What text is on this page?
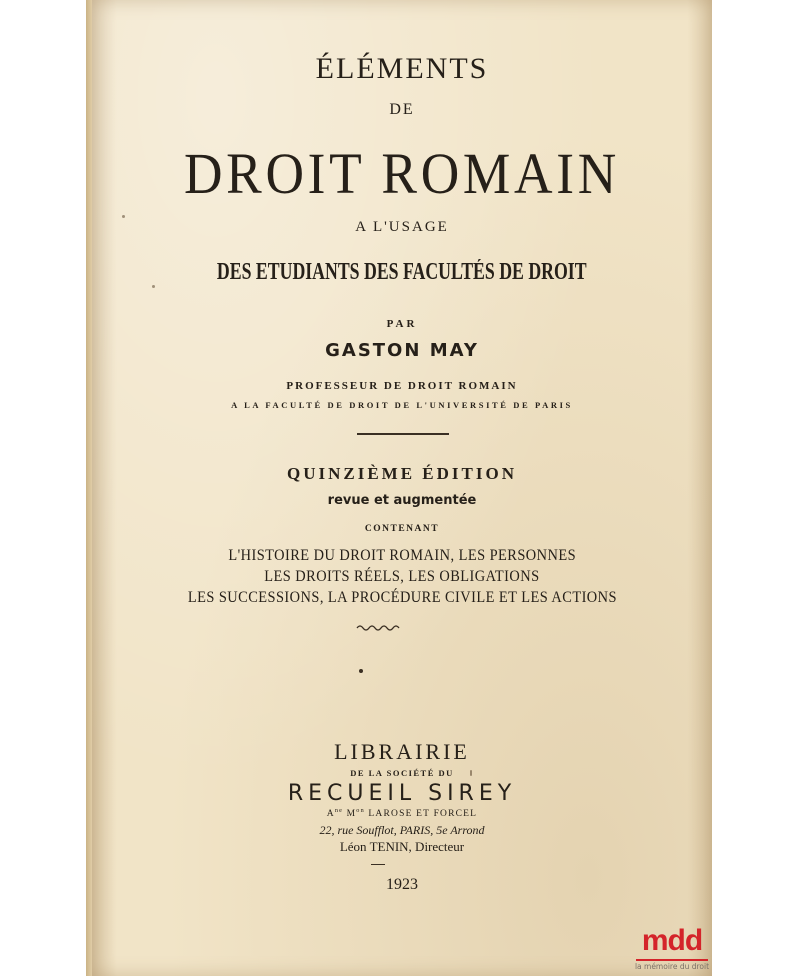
ÉLÉMENTS
DE
DROIT ROMAIN
A L'USAGE
DES ETUDIANTS DES FACULTÉS DE DROIT
PAR
GASTON MAY
PROFESSEUR DE DROIT ROMAIN
A LA FACULTÉ DE DROIT DE L'UNIVERSITÉ DE PARIS
QUINZIÈME ÉDITION
revue et augmentée
CONTENANT
L'HISTOIRE DU DROIT ROMAIN, LES PERSONNES
LES DROITS RÉELS, LES OBLIGATIONS
LES SUCCESSIONS, LA PROCÉDURE CIVILE ET LES ACTIONS
LIBRAIRIE
DE LA SOCIÉTÉ DU
RECUEIL SIREY
$A^{ne}$ $M^{on}$ LAROSE ET FORCEL
22, rue Soufflot, PARIS, 5e Arrond
Léon TENIN, Directeur
1923
mdd
la mémoire du droit
